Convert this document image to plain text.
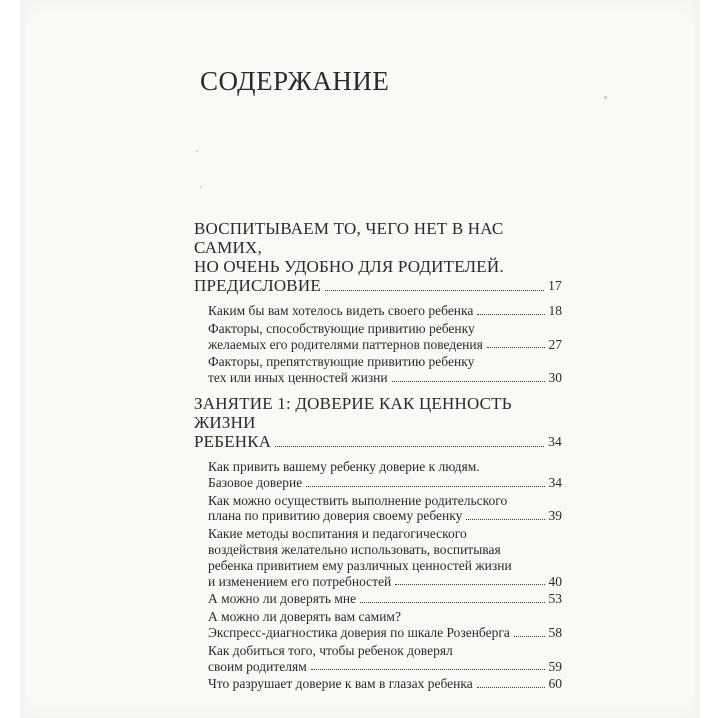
СОДЕРЖАНИЕ
ВОСПИТЫВАЕМ ТО, ЧЕГО НЕТ В НАС САМИХ,
НО ОЧЕНЬ УДОБНО ДЛЯ РОДИТЕЛЕЙ.
ПРЕДИСЛОВИЕ	17
Каким бы вам хотелось видеть своего ребенка	18
Факторы, способствующие привитию ребенку
желаемых его родителями паттернов поведения	27
Факторы, препятствующие привитию ребенку
тех или иных ценностей жизни	30
ЗАНЯТИЕ 1: ДОВЕРИЕ КАК ЦЕННОСТЬ ЖИЗНИ
РЕБЕНКА	34
Как привить вашему ребенку доверие к людям.
Базовое доверие	34
Как можно осуществить выполнение родительского
плана по привитию доверия своему ребенку	39
Какие методы воспитания и педагогического
воздействия желательно использовать, воспитывая
ребенка привитием ему различных ценностей жизни
и изменением его потребностей	40
А можно ли доверять мне	53
А можно ли доверять вам самим?
Экспресс-диагностика доверия по шкале Розенберга	58
Как добиться того, чтобы ребенок доверял
своим родителям	59
Что разрушает доверие к вам в глазах ребенка	60
